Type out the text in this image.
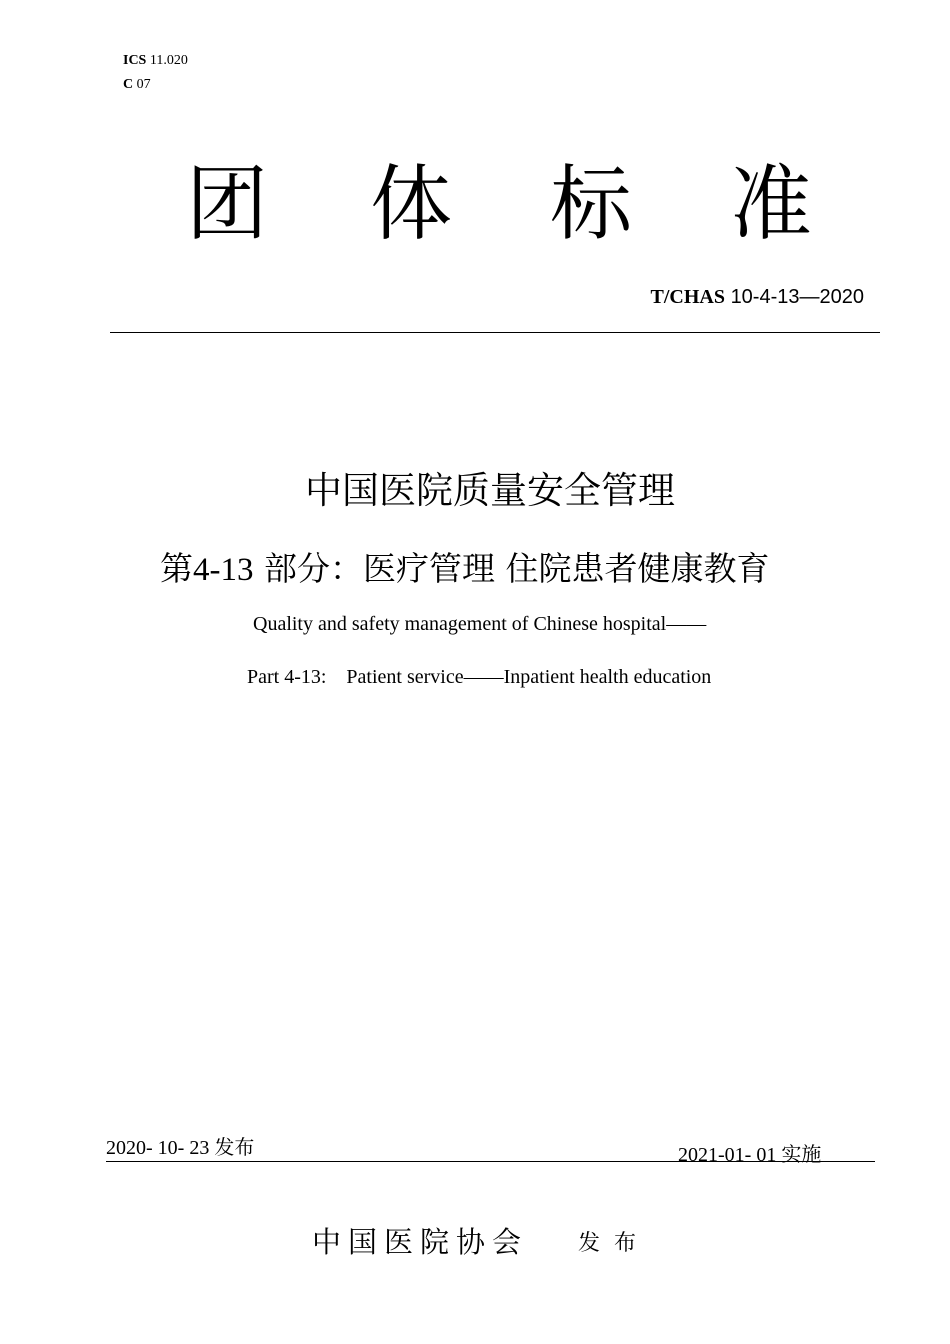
ICS 11.020
C 07
团 体 标 准
T/CHAS 10-4-13—2020
中国医院质量安全管理
第4-13 部分：医疗管理 住院患者健康教育
Quality and safety management of Chinese hospital——
Part 4-13:    Patient service——Inpatient health education
2020- 10- 23 发布	2021-01- 01 实施
中国医院协会 发布
